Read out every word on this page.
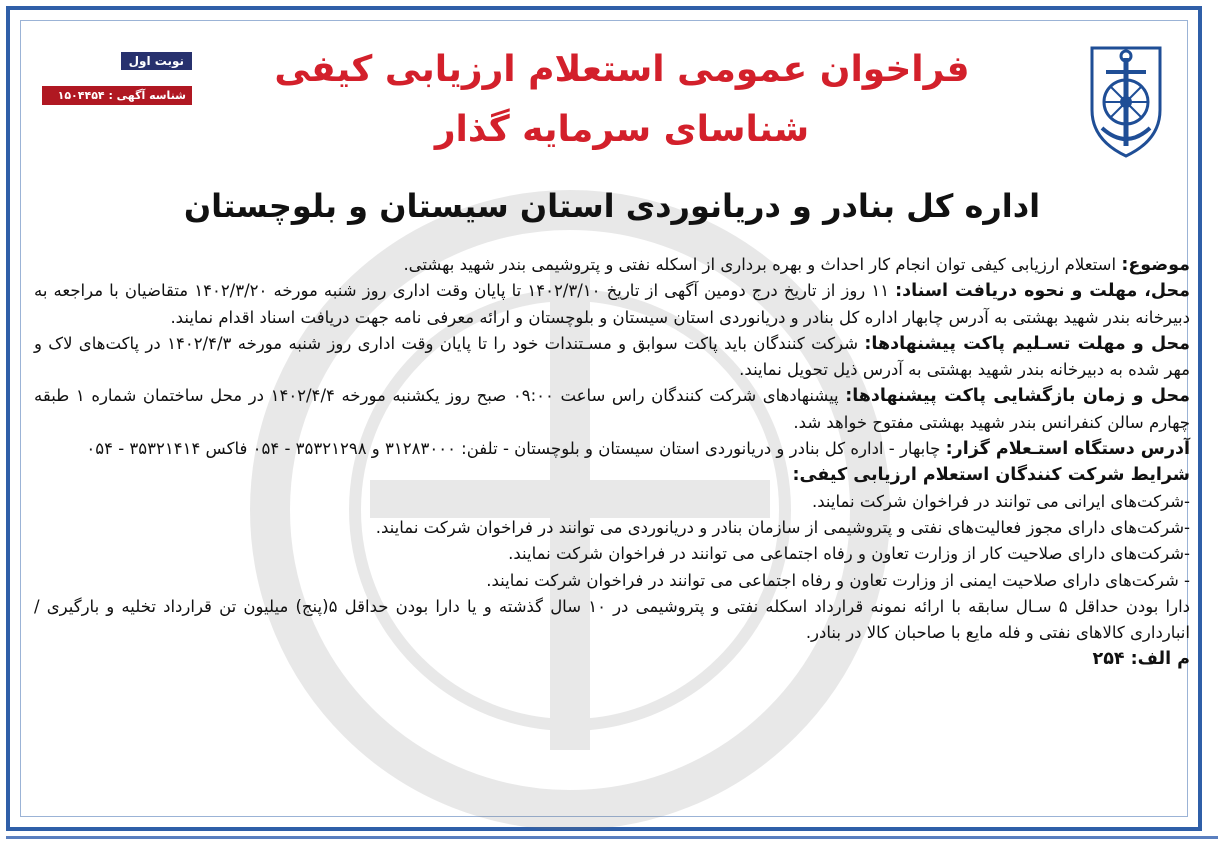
نوبت اول
شناسه آگهی : ۱۵۰۴۴۵۴
فراخوان عمومی استعلام ارزیابی کیفی
شناسای سرمایه گذار
اداره کل بنادر و دریانوردی استان سیستان و بلوچستان

موضوع: استعلام ارزیابی کیفی توان انجام کار احداث و بهره برداری از اسکله نفتی و پتروشیمی بندر شهید بهشتی.

محل، مهلت و نحوه دریافت اسناد: ۱۱ روز از تاریخ درج دومین آگهی از تاریخ ۱۴۰۲/۳/۱۰ تا پایان وقت اداری روز شنبه مورخه ۱۴۰۲/۳/۲۰ متقاضیان با مراجعه به دبیرخانه بندر شهید بهشتی به آدرس چابهار اداره کل بنادر و دریانوردی استان سیستان و بلوچستان و ارائه معرفی نامه جهت دریافت اسناد اقدام نمایند.

محل و مهلت تسـلیم پاکت پیشنهادها: شرکت کنندگان باید پاکت سوابق و مسـتندات خود را تا پایان وقت اداری روز شنبه مورخه ۱۴۰۲/۴/۳ در پاکت‌های لاک و مهر شده به دبیرخانه بندر شهید بهشتی به آدرس ذیل تحویل نمایند.

محل و زمان بازگشایی پاکت پیشنهادها: پیشنهادهای شرکت کنندگان راس ساعت ۰۹:۰۰ صبح روز یکشنبه مورخه ۱۴۰۲/۴/۴ در محل ساختمان شماره ۱ طبقه چهارم سالن کنفرانس بندر شهید بهشتی مفتوح خواهد شد.

آدرس دستگاه استـعلام گزار: چابهار - اداره کل بنادر و دریانوردی استان سیستان و بلوچستان - تلفن: ۳۱۲۸۳۰۰۰ و ۳۵۳۲۱۲۹۸ - ۰۵۴ فاکس ۳۵۳۲۱۴۱۴ - ۰۵۴

شرایط شرکت کنندگان استعلام ارزیابی کیفی:

-شرکت‌های ایرانی می توانند در فراخوان شرکت نمایند.

-شرکت‌های دارای مجوز فعالیت‌های نفتی و پتروشیمی از سازمان بنادر و دریانوردی می توانند در فراخوان شرکت نمایند.

-شرکت‌های دارای صلاحیت کار از وزارت تعاون و رفاه اجتماعی می توانند در فراخوان شرکت نمایند.

- شرکت‌های دارای صلاحیت ایمنی از وزارت تعاون و رفاه اجتماعی می توانند در فراخوان شرکت نمایند.

دارا بودن حداقل ۵ سـال سابقه با ارائه نمونه قرارداد اسکله نفتی و پتروشیمی در ۱۰ سال گذشته و یا دارا بودن حداقل ۵(پنج) میلیون تن قرارداد تخلیه و بارگیری /انبارداری کالاهای نفتی و فله مایع با صاحبان کالا در بنادر.

م الف: ۲۵۴
